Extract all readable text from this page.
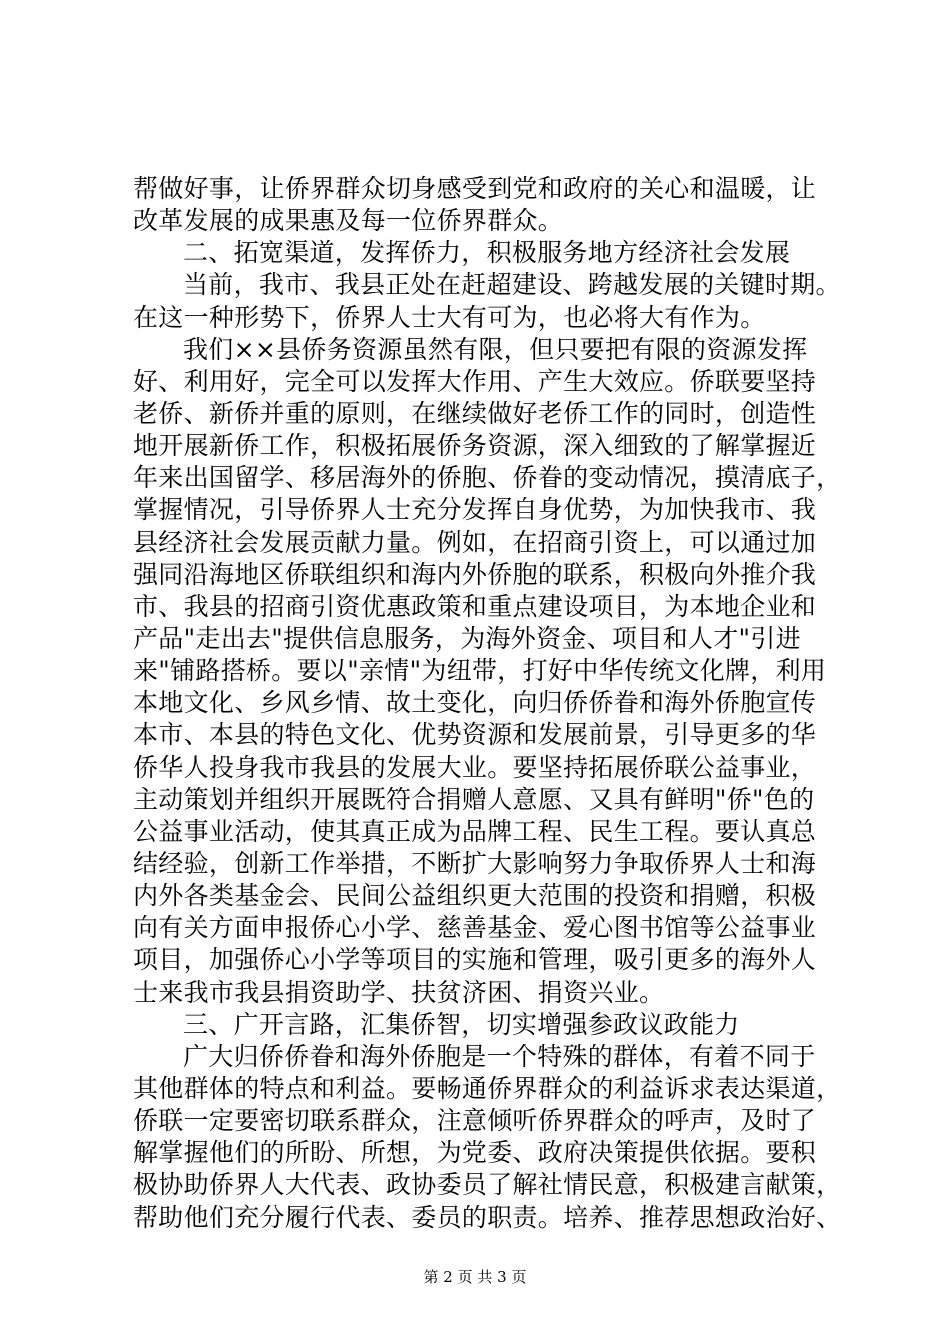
帮做好事，让侨界群众切身感受到党和政府的关心和温暖，让
改革发展的成果惠及每一位侨界群众。
二、拓宽渠道，发挥侨力，积极服务地方经济社会发展
当前，我市、我县正处在赶超建设、跨越发展的关键时期。
在这一种形势下，侨界人士大有可为，也必将大有作为。
我们××县侨务资源虽然有限，但只要把有限的资源发挥
好、利用好，完全可以发挥大作用、产生大效应。侨联要坚持
老侨、新侨并重的原则，在继续做好老侨工作的同时，创造性
地开展新侨工作，积极拓展侨务资源，深入细致的了解掌握近
年来出国留学、移居海外的侨胞、侨眷的变动情况，摸清底子，
掌握情况，引导侨界人士充分发挥自身优势，为加快我市、我
县经济社会发展贡献力量。例如，在招商引资上，可以通过加
强同沿海地区侨联组织和海内外侨胞的联系，积极向外推介我
市、我县的招商引资优惠政策和重点建设项目，为本地企业和
产品"走出去"提供信息服务，为海外资金、项目和人才"引进
来"铺路搭桥。要以"亲情"为纽带，打好中华传统文化牌，利用
本地文化、乡风乡情、故土变化，向归侨侨眷和海外侨胞宣传
本市、本县的特色文化、优势资源和发展前景，引导更多的华
侨华人投身我市我县的发展大业。要坚持拓展侨联公益事业，
主动策划并组织开展既符合捐赠人意愿、又具有鲜明"侨"色的
公益事业活动，使其真正成为品牌工程、民生工程。要认真总
结经验，创新工作举措，不断扩大影响努力争取侨界人士和海
内外各类基金会、民间公益组织更大范围的投资和捐赠，积极
向有关方面申报侨心小学、慈善基金、爱心图书馆等公益事业
项目，加强侨心小学等项目的实施和管理，吸引更多的海外人
士来我市我县捐资助学、扶贫济困、捐资兴业。
三、广开言路，汇集侨智，切实增强参政议政能力
广大归侨侨眷和海外侨胞是一个特殊的群体，有着不同于
其他群体的特点和利益。要畅通侨界群众的利益诉求表达渠道，
侨联一定要密切联系群众，注意倾听侨界群众的呼声，及时了
解掌握他们的所盼、所想，为党委、政府决策提供依据。要积
极协助侨界人大代表、政协委员了解社情民意，积极建言献策，
帮助他们充分履行代表、委员的职责。培养、推荐思想政治好、
第 2 页 共 3 页
